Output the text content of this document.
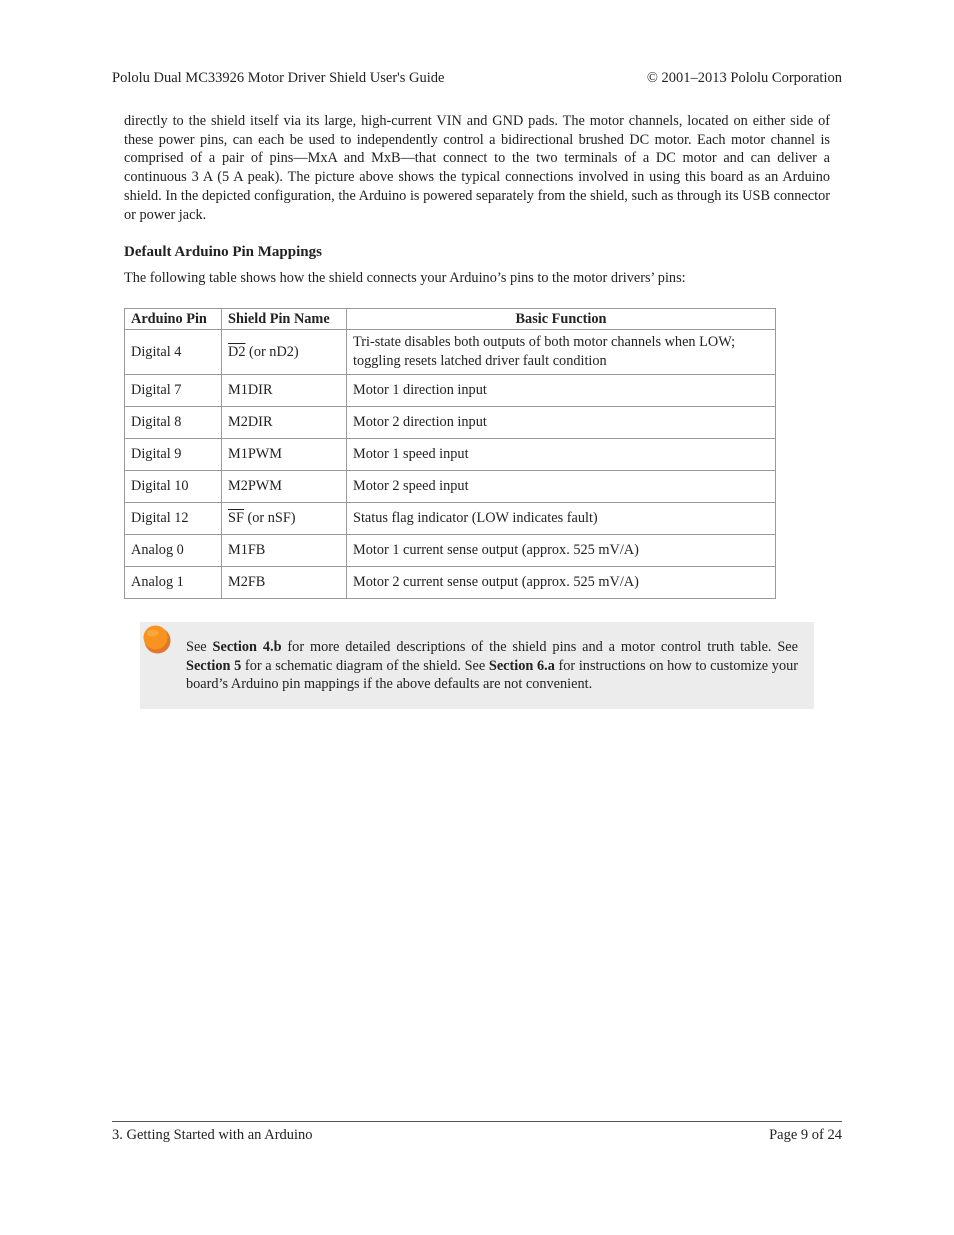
Pololu Dual MC33926 Motor Driver Shield User's Guide	© 2001–2013 Pololu Corporation
directly to the shield itself via its large, high-current VIN and GND pads. The motor channels, located on either side of these power pins, can each be used to independently control a bidirectional brushed DC motor. Each motor channel is comprised of a pair of pins—MxA and MxB—that connect to the two terminals of a DC motor and can deliver a continuous 3 A (5 A peak). The picture above shows the typical connections involved in using this board as an Arduino shield. In the depicted configuration, the Arduino is powered separately from the shield, such as through its USB connector or power jack.
Default Arduino Pin Mappings
The following table shows how the shield connects your Arduino’s pins to the motor drivers’ pins:
Arduino Pin	Shield Pin Name	Basic Function
Digital 4	D2 (or nD2)	Tri-state disables both outputs of both motor channels when LOW; toggling resets latched driver fault condition
Digital 7	M1DIR	Motor 1 direction input
Digital 8	M2DIR	Motor 2 direction input
Digital 9	M1PWM	Motor 1 speed input
Digital 10	M2PWM	Motor 2 speed input
Digital 12	$\overline{SF}$ (or nSF)	Status flag indicator (LOW indicates fault)
Analog 0	M1FB	Motor 1 current sense output (approx. 525 mV/A)
Analog 1	M2FB	Motor 2 current sense output (approx. 525 mV/A)
See Section 4.b for more detailed descriptions of the shield pins and a motor control truth table. See Section 5 for a schematic diagram of the shield. See Section 6.a for instructions on how to customize your board’s Arduino pin mappings if the above defaults are not convenient.
3. Getting Started with an Arduino	Page 9 of 24
